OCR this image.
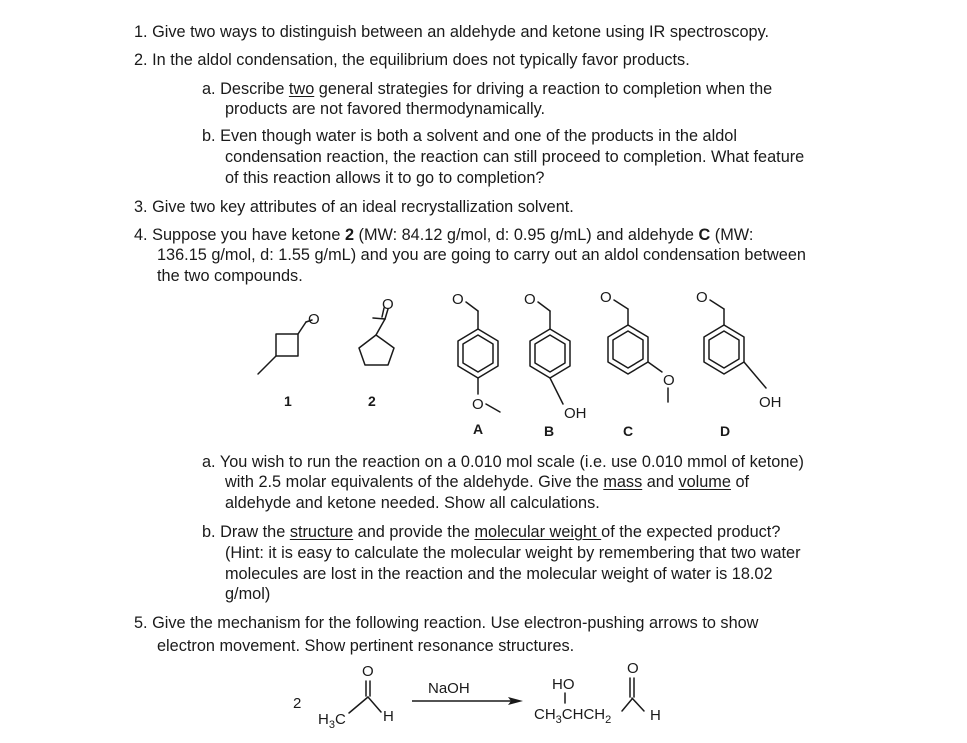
1. Give two ways to distinguish between an aldehyde and ketone using IR spectroscopy.
2. In the aldol condensation, the equilibrium does not typically favor products.
a. Describe two general strategies for driving a reaction to completion when the
products are not favored thermodynamically.
b. Even though water is both a solvent and one of the products in the aldol
condensation reaction, the reaction can still proceed to completion. What feature
of this reaction allows it to go to completion?
3. Give two key attributes of an ideal recrystallization solvent.
4. Suppose you have ketone 2 (MW: 84.12 g/mol, d: 0.95 g/mL) and aldehyde C (MW:
136.15 g/mol, d: 1.55 g/mL) and you are going to carry out an aldol condensation between
the two compounds.
O
1
O
2
O
O
A
O
OH
B
O
O
C
O
OH
D
a. You wish to run the reaction on a 0.010 mol scale (i.e. use 0.010 mmol of ketone)
with 2.5 molar equivalents of the aldehyde. Give the mass and volume of
aldehyde and ketone needed. Show all calculations.
b. Draw the structure and provide the molecular weight of the expected product?
(Hint: it is easy to calculate the molecular weight by remembering that two water
molecules are lost in the reaction and the molecular weight of water is 18.02
g/mol)
5. Give the mechanism for the following reaction. Use electron-pushing arrows to show
electron movement. Show pertinent resonance structures.
2
O
$H_3C$ H
NaOH	HO
$CH_3CHCH_2$
O
H
